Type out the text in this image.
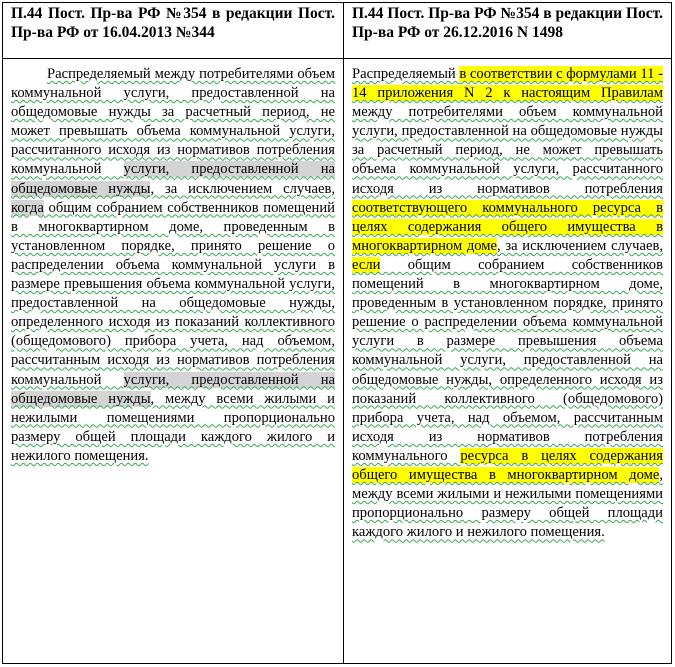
П.44 Пост. Пр-ва РФ №354 в редакции Пост. Пр-ва РФ от 16.04.2013 №344
П.44 Пост. Пр-ва РФ №354 в редакции Пост. Пр-ва РФ от 26.12.2016 N 1498

Распределяемый между потребителями объем коммунальной услуги, предоставленной на общедомовые нужды за расчетный период, не может превышать объема коммунальной услуги, рассчитанного исходя из нормативов потребления коммунальной услуги, предоставленной на общедомовые нужды, за исключением случаев, когда общим собранием собственников помещений в многоквартирном доме, проведенным в установленном порядке, принято решение о распределении объема коммунальной услуги в размере превышения объема коммунальной услуги, предоставленной на общедомовые нужды, определенного исходя из показаний коллективного (общедомового) прибора учета, над объемом, рассчитанным исходя из нормативов потребления коммунальной услуги, предоставленной на общедомовые нужды, между всеми жилыми и нежилыми помещениями пропорционально размеру общей площади каждого жилого и нежилого помещения.

Распределяемый в соответствии с формулами 11 - 14 приложения N 2 к настоящим Правилам между потребителями объем коммунальной услуги, предоставленной на общедомовые нужды за расчетный период, не может превышать объема коммунальной услуги, рассчитанного исходя из нормативов потребления соответствующего коммунального ресурса в целях содержания общего имущества в многоквартирном доме, за исключением случаев, если общим собранием собственников помещений в многоквартирном доме, проведенным в установленном порядке, принято решение о распределении объема коммунальной услуги в размере превышения объема коммунальной услуги, предоставленной на общедомовые нужды, определенного исходя из показаний коллективного (общедомового) прибора учета, над объемом, рассчитанным исходя из нормативов потребления коммунального ресурса в целях содержания общего имущества в многоквартирном доме, между всеми жилыми и нежилыми помещениями пропорционально размеру общей площади каждого жилого и нежилого помещения.
